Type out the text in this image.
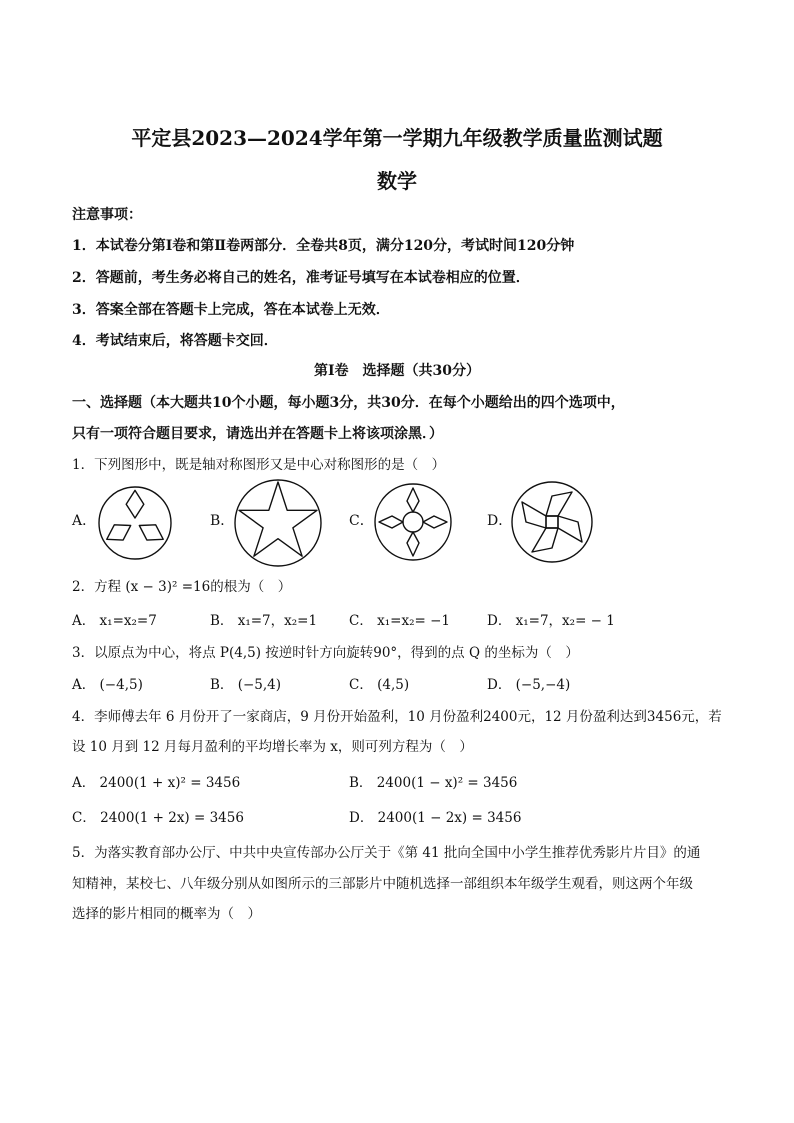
平定县2023—2024学年第一学期九年级教学质量监测试题
数学
注意事项：
1．本试卷分第Ⅰ卷和第Ⅱ卷两部分．全卷共8页，满分120分，考试时间120分钟
2．答题前，考生务必将自己的姓名，准考证号填写在本试卷相应的位置．
3．答案全部在答题卡上完成，答在本试卷上无效．
4．考试结束后，将答题卡交回．
第Ⅰ卷　选择题（共30分）
一、选择题（本大题共10个小题，每小题3分，共30分．在每个小题给出的四个选项中，
只有一项符合题目要求，请选出并在答题卡上将该项涂黑．）
1．下列图形中，既是轴对称图形又是中心对称图形的是（　）
A．	B．	C．	D．
2．方程 (x − 3)² =16的根为（　）
A． x₁=x₂=7	B． x₁=7，x₂=1 C． x₁=x₂= −1	D． x₁=7，x₂= − 1
3．以原点为中心，将点 P(4,5) 按逆时针方向旋转90°，得到的点 Q 的坐标为（　）
A． (−4,5)	B． (−5,4)	C． (4,5)	D． (−5,−4)
4．李师傅去年 6 月份开了一家商店，9 月份开始盈利，10 月份盈利2400元，12 月份盈利达到3456元，若
设 10 月到 12 月每月盈利的平均增长率为 x，则可列方程为（　）
A． 2400(1 + x)² = 3456	B． 2400(1 − x)² = 3456
C． 2400(1 + 2x) = 3456	D． 2400(1 − 2x) = 3456
5．为落实教育部办公厅、中共中央宣传部办公厅关于《第 41 批向全国中小学生推荐优秀影片片目》的通
知精神，某校七、八年级分别从如图所示的三部影片中随机选择一部组织本年级学生观看，则这两个年级
选择的影片相同的概率为（　）
